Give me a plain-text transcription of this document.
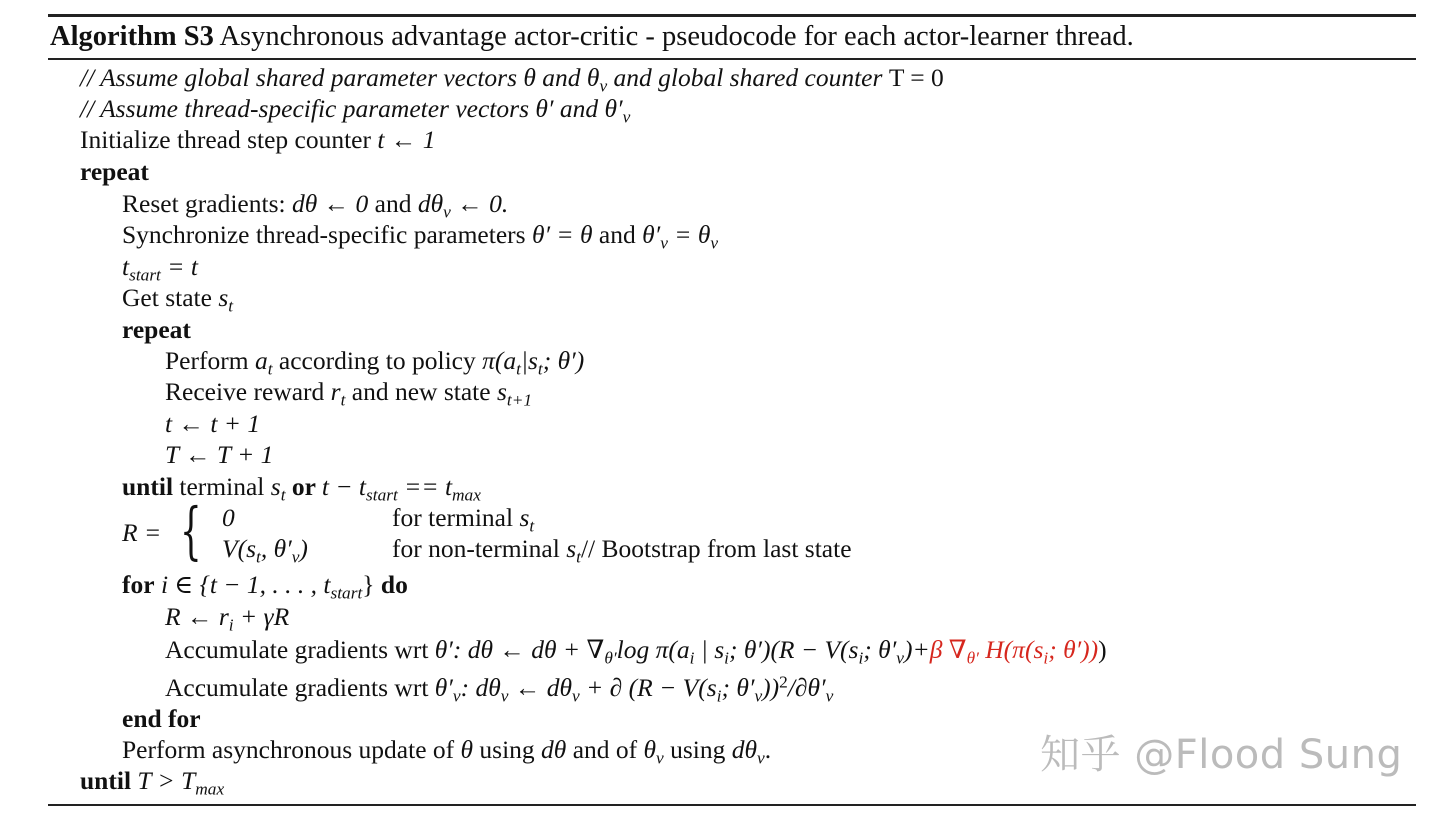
Algorithm S3 Asynchronous advantage actor-critic - pseudocode for each actor-learner thread.
// Assume global shared parameter vectors θ and $\theta_v$ and global shared counter T = 0
// Assume thread-specific parameter vectors θ′ and $\theta'_v$
Initialize thread step counter t ← 1
repeat
Reset gradients: dθ ← 0 and $d\theta_v$ ← 0.
Synchronize thread-specific parameters θ′ = θ and $\theta'_v = \theta_v$
$t_{start} = t$
Get state $s_t$
repeat
Perform $a_t$ according to policy $\pi(a_t|s_t$; θ′)
Receive reward $r_t$ and new state $s_{t+1}$
t ← t + 1
T ← T + 1
until terminal $s_t$ or $t - t_{start} == t_{max}$
R = { 0
$V(s_t$, $\theta'_v$)
for terminal $s_t$
for non-terminal $s_t//$ Bootstrap from last state
for i ∈ {t − 1, . . . , $t_{start}$} do
R ← $r_i + \gamma R$
Accumulate gradients wrt θ′: dθ ← $d\theta + \nabla_{\theta'}\log$ $\pi(a_i$ | $s_i$; $\theta')(R - V(s_i$; $\theta'_v)+\beta$ $\nabla_{\theta'}$ $H(\pi(s_i$; θ′)))
Accumulate gradients wrt $\theta'_v$: $d\theta_v$ ← $d\theta_v$ + ∂ ($R - V(s_i$; $\theta'_v))^2/\partial\theta'_v$
end for
Perform asynchronous update of θ using dθ and of $\theta_v$ using $d\theta_v$.
until $T > T_{max}$
知乎 @Flood Sung
